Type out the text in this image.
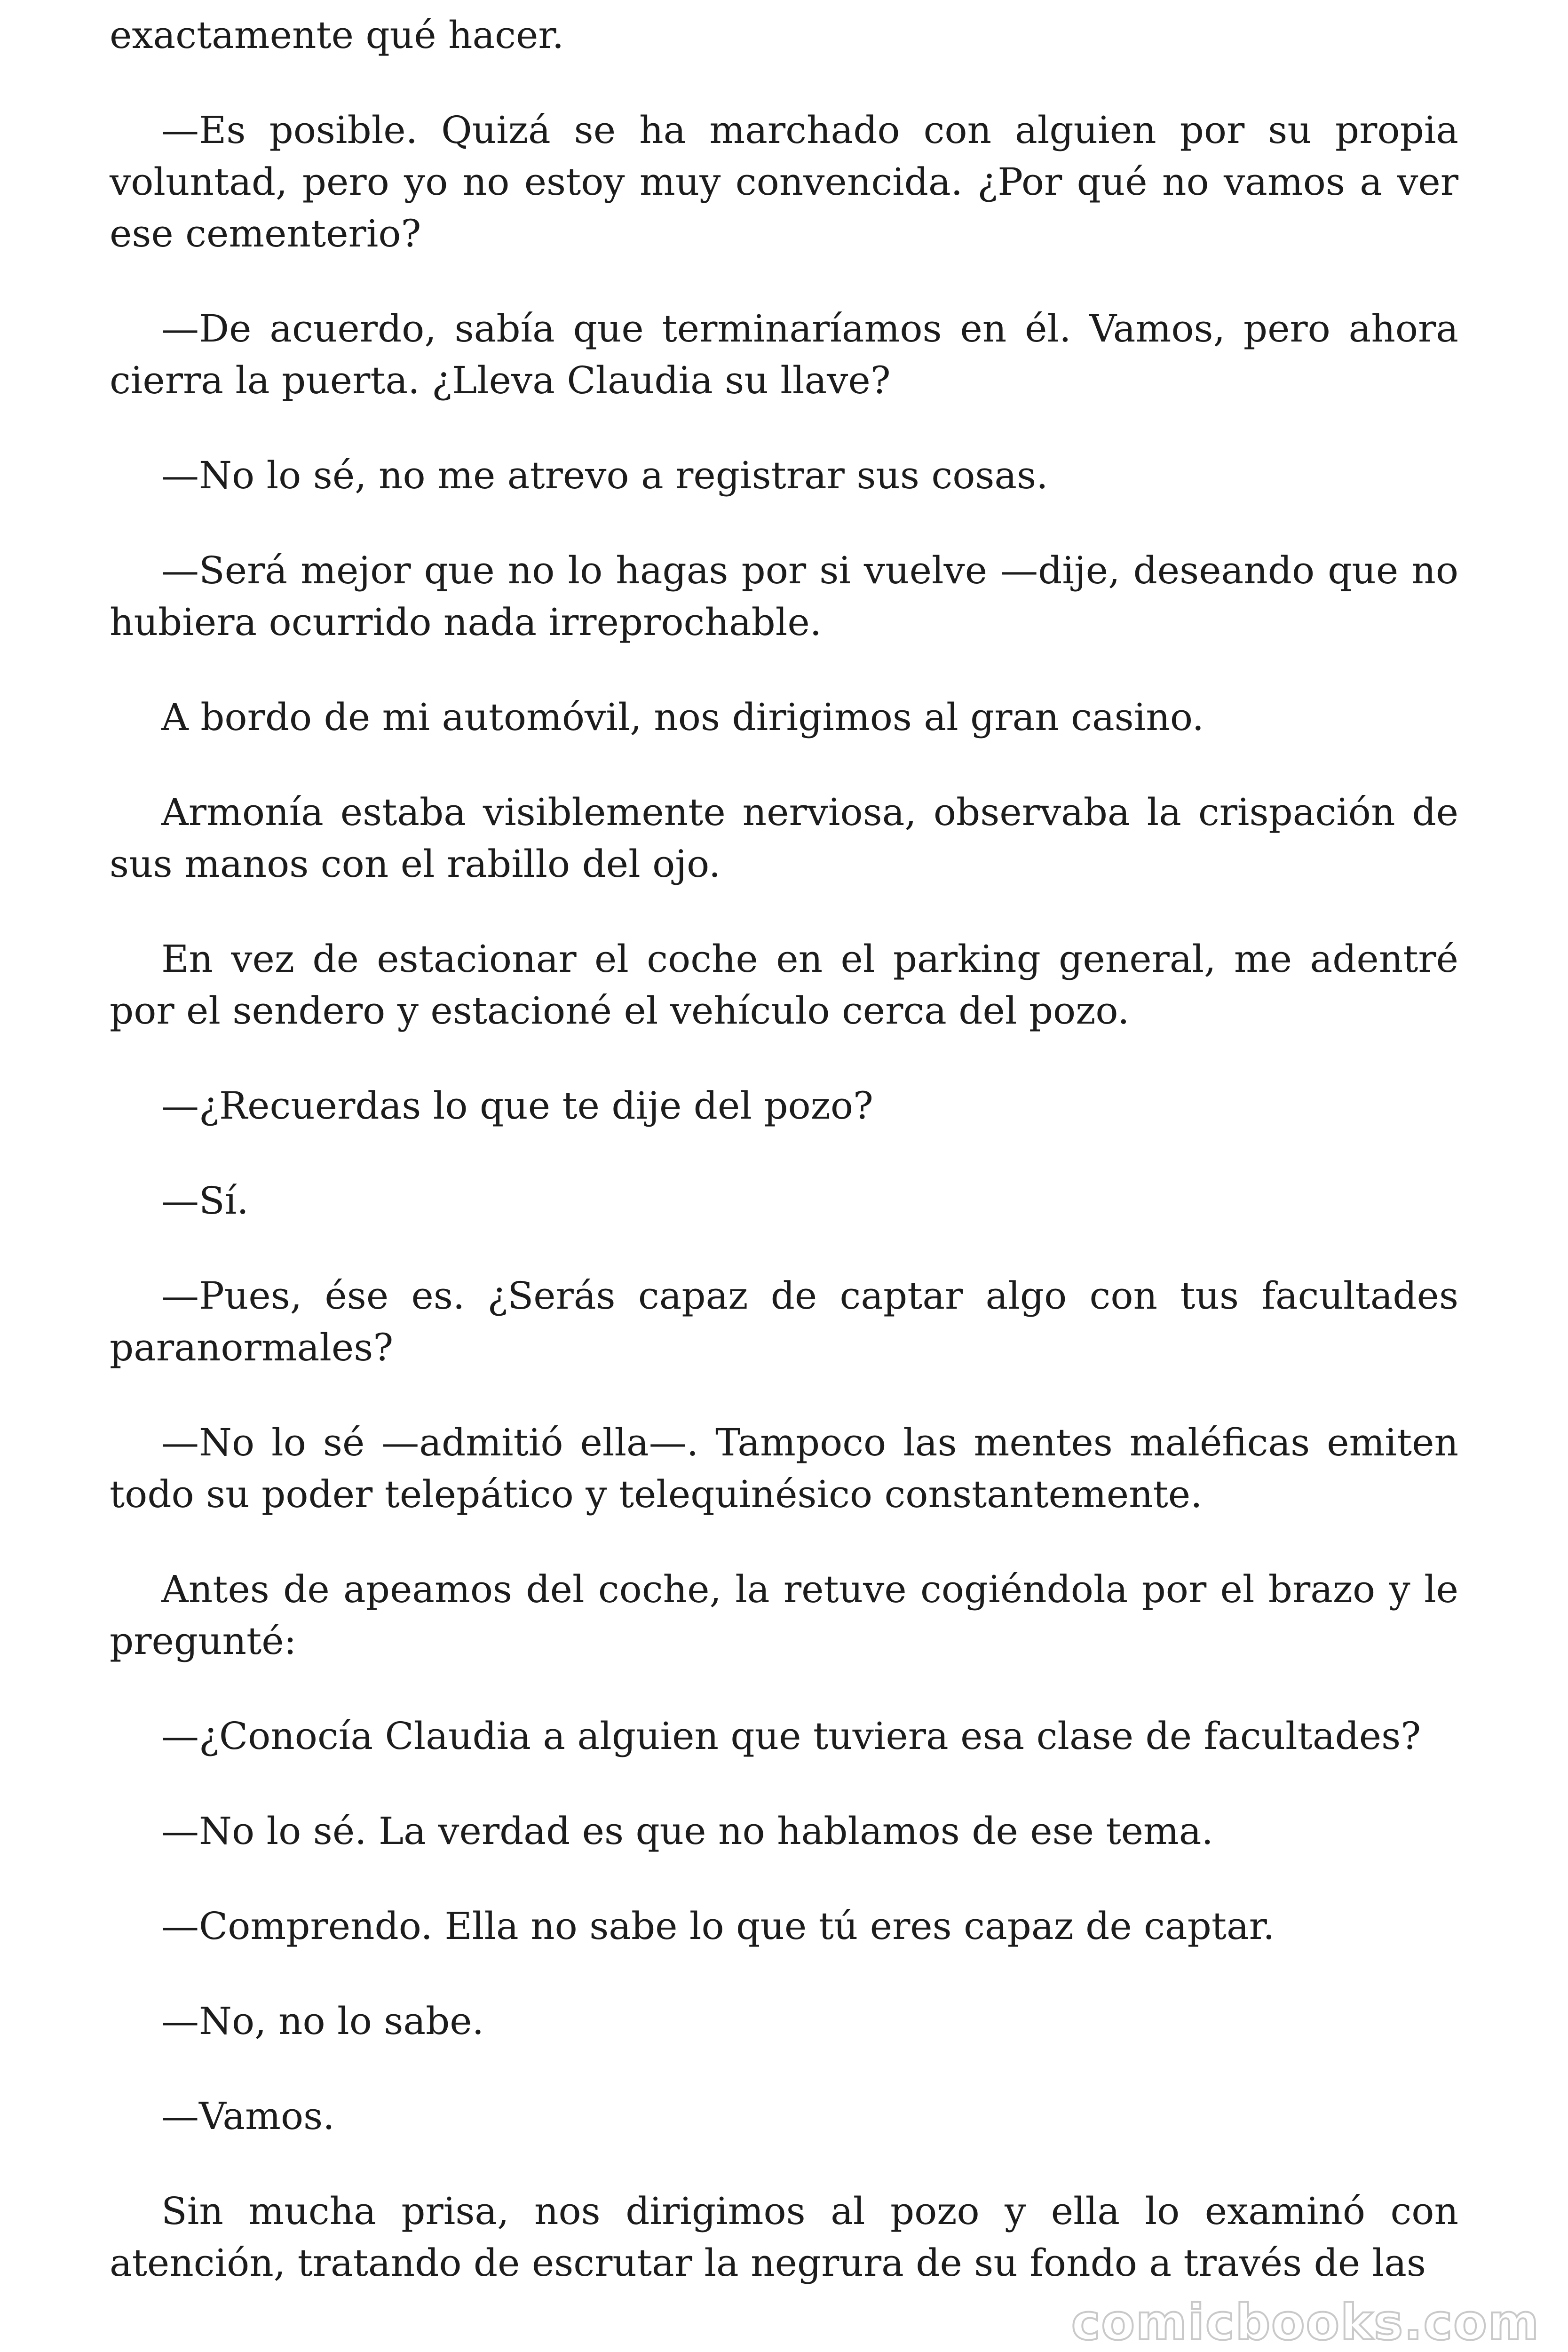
exactamente qué hacer.

—Es posible. Quizá se ha marchado con alguien por su propia voluntad, pero yo no estoy muy convencida. ¿Por qué no vamos a ver ese cementerio?

—De acuerdo, sabía que terminaríamos en él. Vamos, pero ahora cierra la puerta. ¿Lleva Claudia su llave?

—No lo sé, no me atrevo a registrar sus cosas.

—Será mejor que no lo hagas por si vuelve —dije, deseando que no hubiera ocurrido nada irreprochable.

A bordo de mi automóvil, nos dirigimos al gran casino.

Armonía estaba visiblemente nerviosa, observaba la crispación de sus manos con el rabillo del ojo.

En vez de estacionar el coche en el parking general, me adentré por el sendero y estacioné el vehículo cerca del pozo.

—¿Recuerdas lo que te dije del pozo?

—Sí.

—Pues, ése es. ¿Serás capaz de captar algo con tus facultades paranormales?

—No lo sé —admitió ella—. Tampoco las mentes maléficas emiten todo su poder telepático y telequinésico constantemente.

Antes de apeamos del coche, la retuve cogiéndola por el brazo y le pregunté:

—¿Conocía Claudia a alguien que tuviera esa clase de facultades?

—No lo sé. La verdad es que no hablamos de ese tema.

—Comprendo. Ella no sabe lo que tú eres capaz de captar.

—No, no lo sabe.

—Vamos.

Sin mucha prisa, nos dirigimos al pozo y ella lo examinó con atención, tratando de escrutar la negrura de su fondo a través de las

comicbooks.com
